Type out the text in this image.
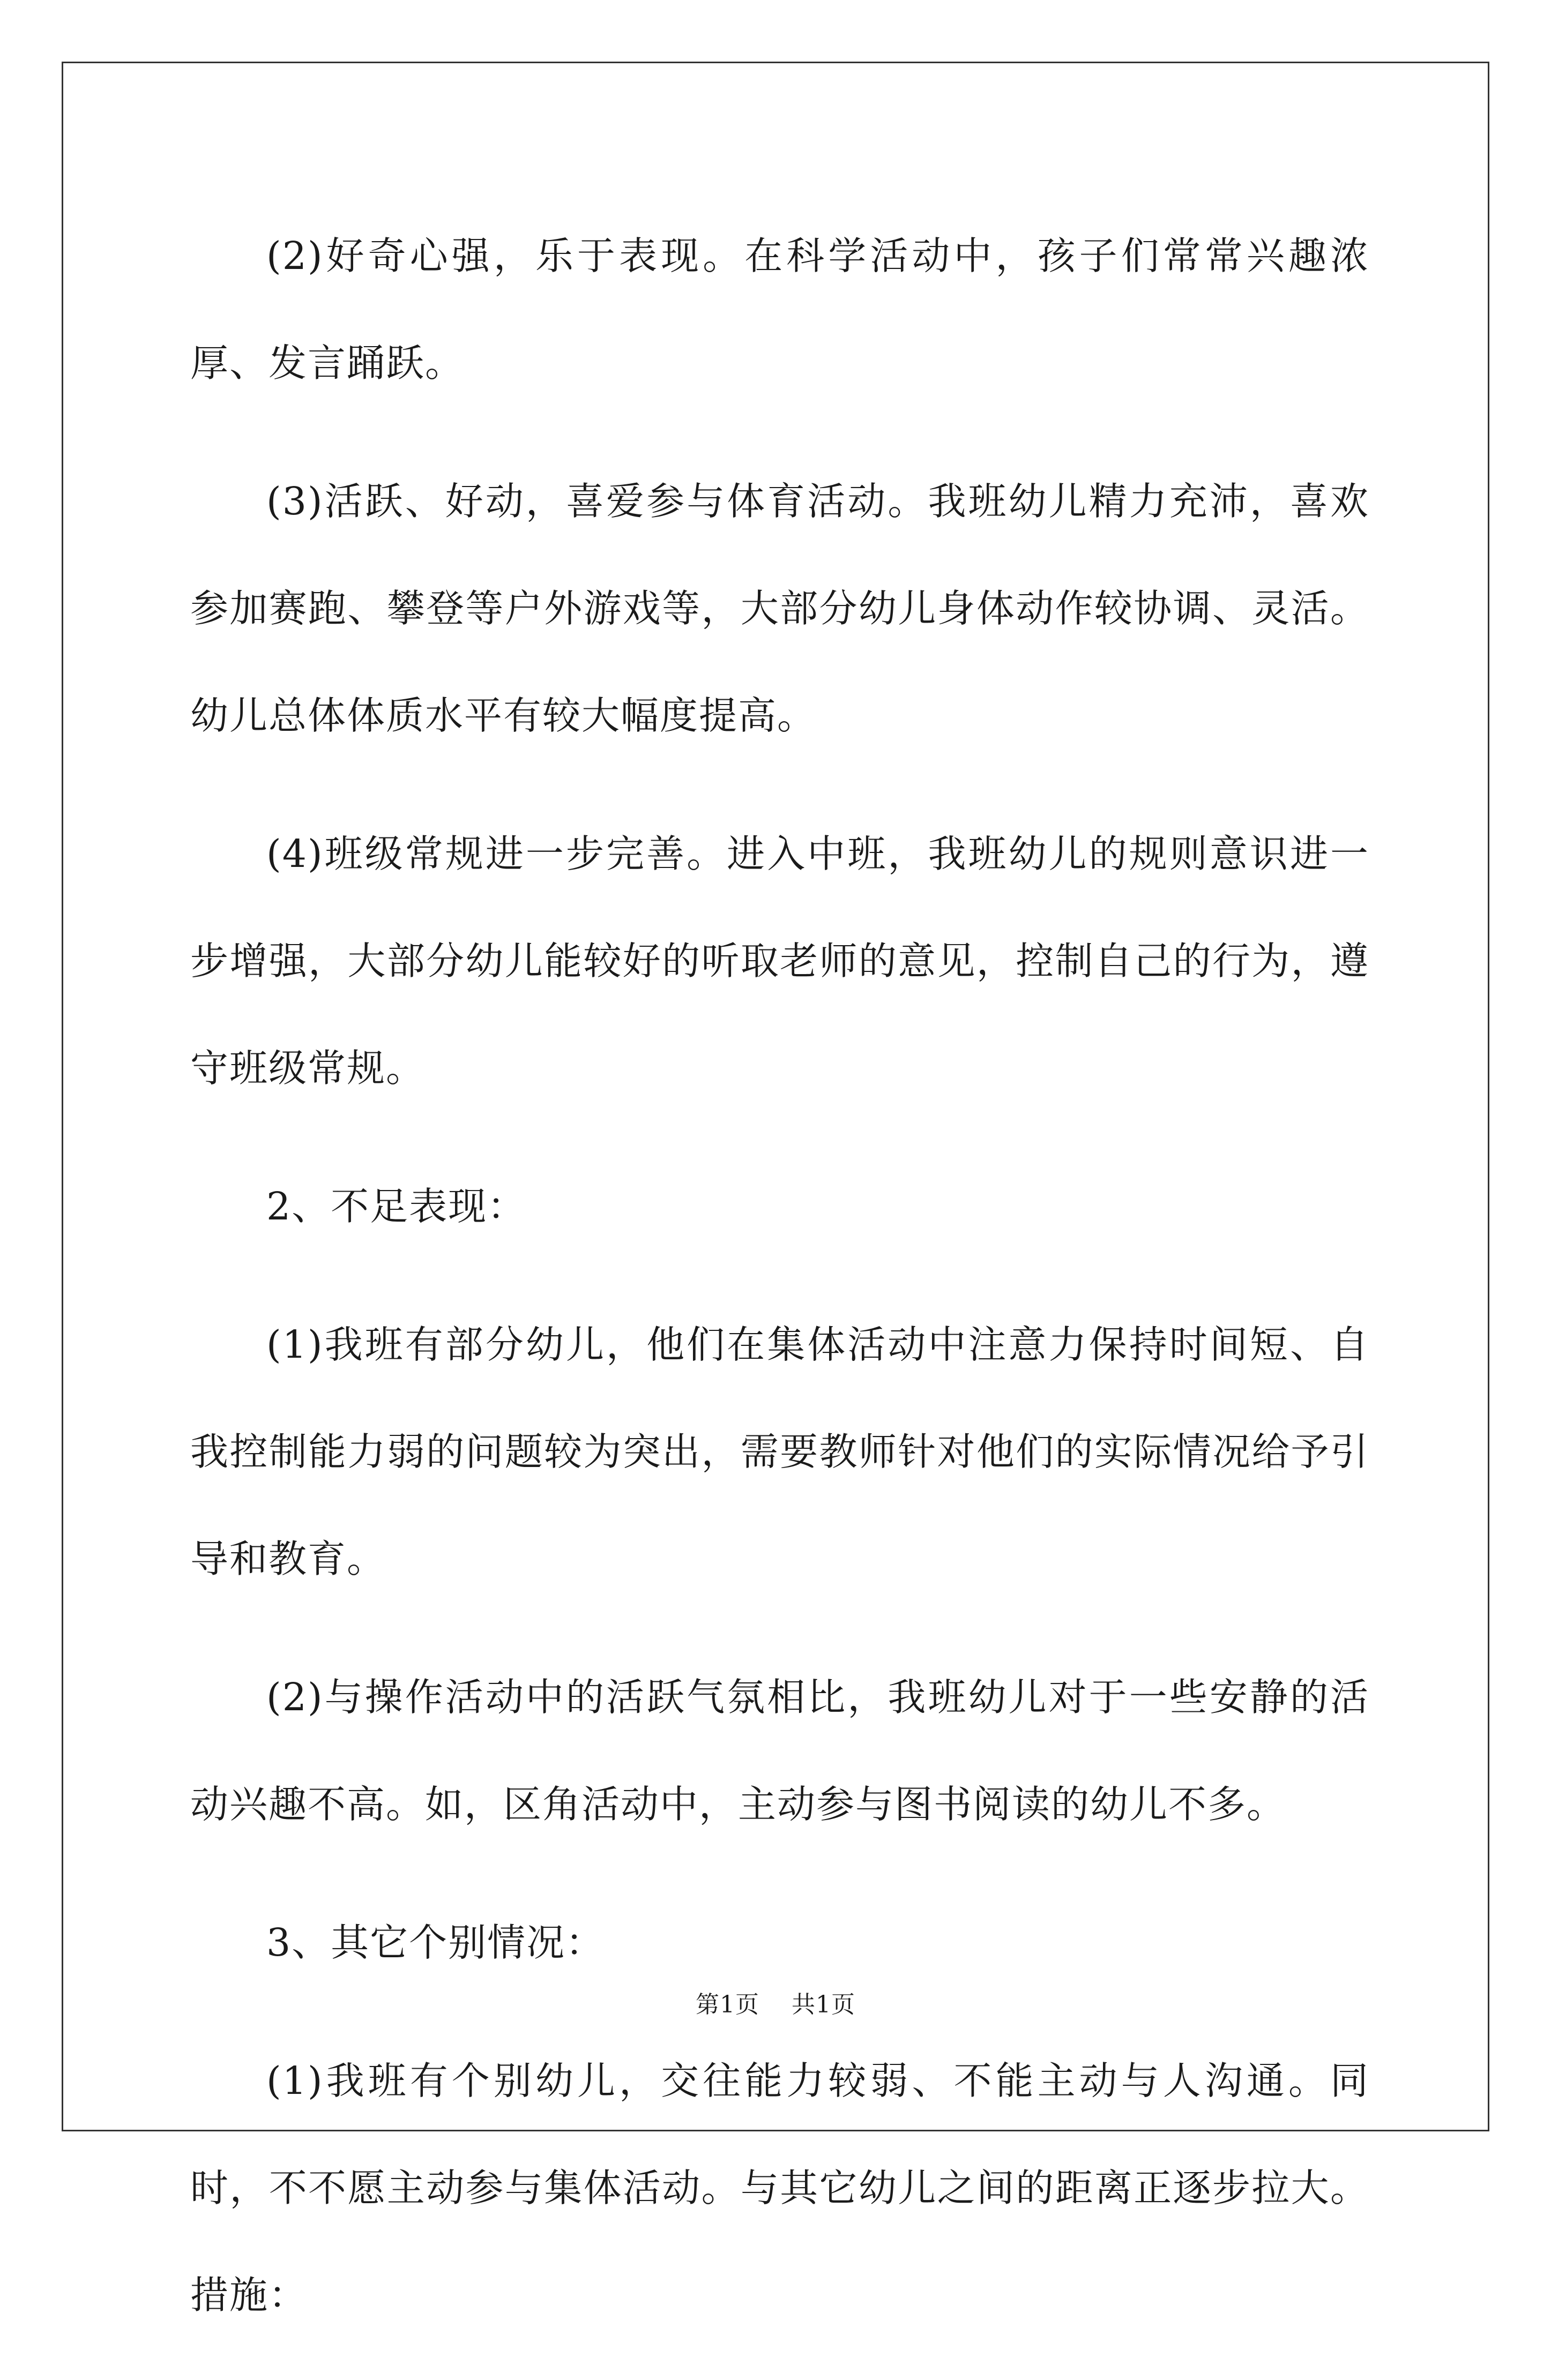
(2)好奇心强，乐于表现。在科学活动中，孩子们常常兴趣浓厚、发言踊跃。

(3)活跃、好动，喜爱参与体育活动。我班幼儿精力充沛，喜欢参加赛跑、攀登等户外游戏等，大部分幼儿身体动作较协调、灵活。幼儿总体体质水平有较大幅度提高。

(4)班级常规进一步完善。进入中班，我班幼儿的规则意识进一步增强，大部分幼儿能较好的听取老师的意见，控制自己的行为，遵守班级常规。

2、不足表现：

(1)我班有部分幼儿，他们在集体活动中注意力保持时间短、自我控制能力弱的问题较为突出，需要教师针对他们的实际情况给予引导和教育。

(2)与操作活动中的活跃气氛相比，我班幼儿对于一些安静的活动兴趣不高。如，区角活动中，主动参与图书阅读的幼儿不多。

3、其它个别情况：

(1)我班有个别幼儿，交往能力较弱、不能主动与人沟通。同时，不不愿主动参与集体活动。与其它幼儿之间的距离正逐步拉大。措施：

第1页 共1页
